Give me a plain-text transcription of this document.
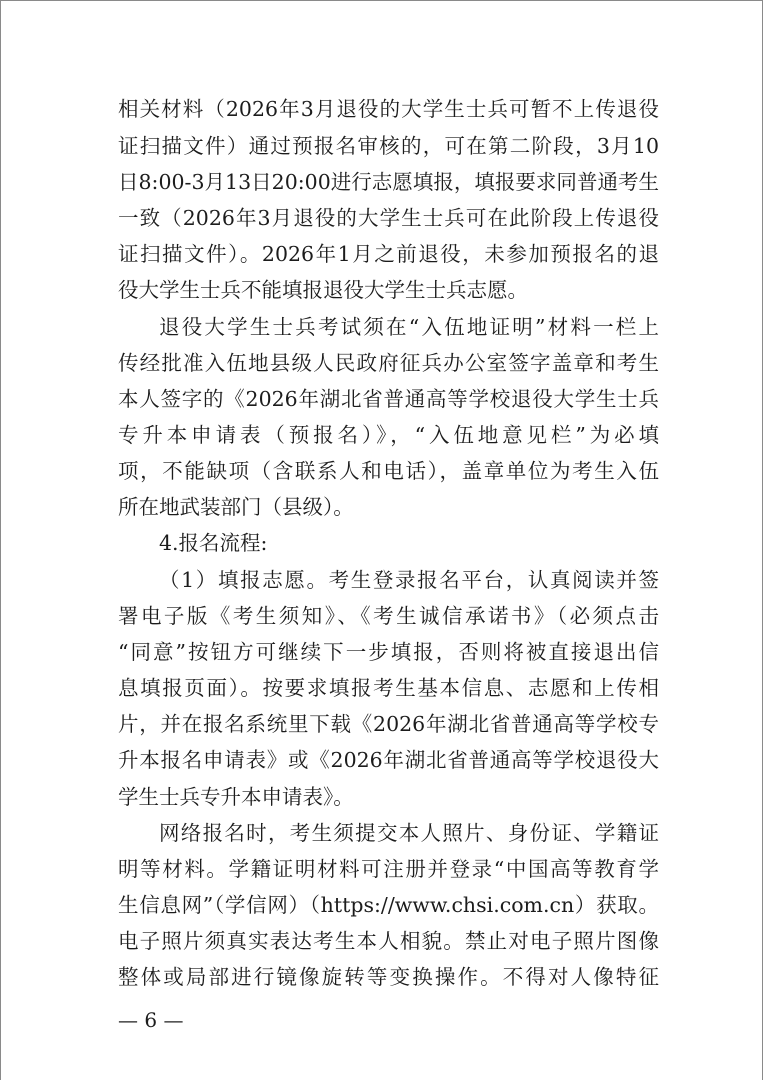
相关材料（2026年3月退役的大学生士兵可暂不上传退役
证扫描文件）通过预报名审核的，可在第二阶段，3月10
日8:00-3月13日20:00进行志愿填报，填报要求同普通考生
一致（2026年3月退役的大学生士兵可在此阶段上传退役
证扫描文件）。2026年1月之前退役，未参加预报名的退
役大学生士兵不能填报退役大学生士兵志愿。
退役大学生士兵考试须在“入伍地证明”材料一栏上
传经批准入伍地县级人民政府征兵办公室签字盖章和考生
本人签字的《2026年湖北省普通高等学校退役大学生士兵
专升本申请表（预报名）》，“入伍地意见栏”为必填
项，不能缺项（含联系人和电话），盖章单位为考生入伍
所在地武装部门（县级）。
4.报名流程:
（1）填报志愿。考生登录报名平台，认真阅读并签
署电子版《考生须知》、《考生诚信承诺书》（必须点击
“同意”按钮方可继续下一步填报，否则将被直接退出信
息填报页面）。按要求填报考生基本信息、志愿和上传相
片，并在报名系统里下载《2026年湖北省普通高等学校专
升本报名申请表》或《2026年湖北省普通高等学校退役大
学生士兵专升本申请表》。
网络报名时，考生须提交本人照片、身份证、学籍证
明等材料。学籍证明材料可注册并登录“中国高等教育学
生信息网”（学信网）（https://www.chsi.com.cn）获取。
电子照片须真实表达考生本人相貌。禁止对电子照片图像
整体或局部进行镜像旋转等变换操作。不得对人像特征
— 6 —
